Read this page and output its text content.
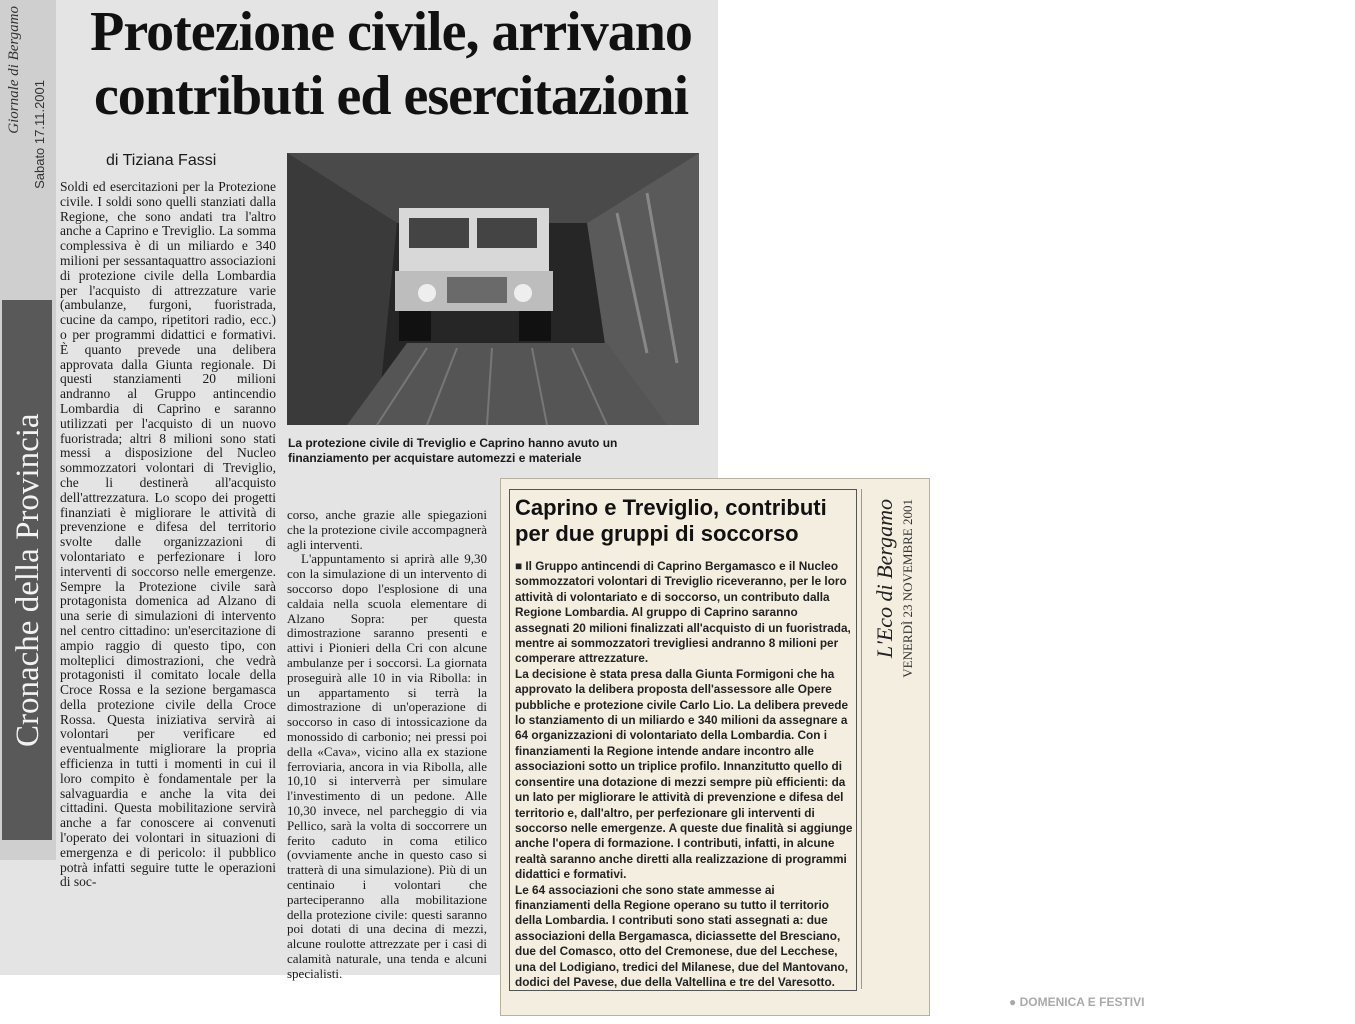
Giornale di Bergamo
Sabato 17.11.2001
Cronache della Provincia
Protezione civile, arrivano contributi ed esercitazioni
di Tiziana Fassi
La protezione civile di Treviglio e Caprino hanno avuto un finanziamento per acquistare automezzi e materiale

Soldi ed esercitazioni per la Protezione civile. I soldi sono quelli stanziati dalla Regione, che sono andati tra l'altro anche a Caprino e Treviglio. La somma complessiva è di un miliardo e 340 milioni per sessantaquattro associazioni di protezione civile della Lombardia per l'acquisto di attrezzature varie (ambulanze, furgoni, fuoristrada, cucine da campo, ripetitori radio, ecc.) o per programmi didattici e formativi. È quanto prevede una delibera approvata dalla Giunta regionale. Di questi stanziamenti 20 milioni andranno al Gruppo antincendio Lombardia di Caprino e saranno utilizzati per l'acquisto di un nuovo fuoristrada; altri 8 milioni sono stati messi a disposizione del Nucleo sommozzatori volontari di Treviglio, che li destinerà all'acquisto dell'attrezzatura. Lo scopo dei progetti finanziati è migliorare le attività di prevenzione e difesa del territorio svolte dalle organizzazioni di volontariato e perfezionare i loro interventi di soccorso nelle emergenze. Sempre la Protezione civile sarà protagonista domenica ad Alzano di una serie di simulazioni di intervento nel centro cittadino: un'esercitazione di ampio raggio di questo tipo, con molteplici dimostrazioni, che vedrà protagonisti il comitato locale della Croce Rossa e la sezione bergamasca della protezione civile della Croce Rossa. Questa iniziativa servirà ai volontari per verificare ed eventualmente migliorare la propria efficienza in tutti i momenti in cui il loro compito è fondamentale per la salvaguardia e anche la vita dei cittadini. Questa mobilitazione servirà anche a far conoscere ai convenuti l'operato dei volontari in situazioni di emergenza e di pericolo: il pubblico potrà infatti seguire tutte le operazioni di soc-

corso, anche grazie alle spiegazioni che la protezione civile accompagnerà agli interventi.

L'appuntamento si aprirà alle 9,30 con la simulazione di un intervento di soccorso dopo l'esplosione di una caldaia nella scuola elementare di Alzano Sopra: per questa dimostrazione saranno presenti e attivi i Pionieri della Cri con alcune ambulanze per i soccorsi. La giornata proseguirà alle 10 in via Ribolla: in un appartamento si terrà la dimostrazione di un'operazione di soccorso in caso di intossicazione da monossido di carbonio; nei pressi poi della «Cava», vicino alla ex stazione ferroviaria, ancora in via Ribolla, alle 10,10 si interverrà per simulare l'investimento di un pedone. Alle 10,30 invece, nel parcheggio di via Pellico, sarà la volta di soccorrere un ferito caduto in coma etilico (ovviamente anche in questo caso si tratterà di una simulazione). Più di un centinaio i volontari che parteciperanno alla mobilitazione della protezione civile: questi saranno poi dotati di una decina di mezzi, alcune roulotte attrezzate per i casi di calamità naturale, una tenda e alcuni specialisti.

Caprino e Treviglio, contributi per due gruppi di soccorso

■ Il Gruppo antincendi di Caprino Bergamasco e il Nucleo sommozzatori volontari di Treviglio riceveranno, per le loro attività di volontariato e di soccorso, un contributo dalla Regione Lombardia. Al gruppo di Caprino saranno assegnati 20 milioni finalizzati all'acquisto di un fuoristrada, mentre ai sommozzatori trevigliesi andranno 8 milioni per comperare attrezzature.

La decisione è stata presa dalla Giunta Formigoni che ha approvato la delibera proposta dell'assessore alle Opere pubbliche e protezione civile Carlo Lio. La delibera prevede lo stanziamento di un miliardo e 340 milioni da assegnare a 64 organizzazioni di volontariato della Lombardia. Con i finanziamenti la Regione intende andare incontro alle associazioni sotto un triplice profilo. Innanzitutto quello di consentire una dotazione di mezzi sempre più efficienti: da un lato per migliorare le attività di prevenzione e difesa del territorio e, dall'altro, per perfezionare gli interventi di soccorso nelle emergenze. A queste due finalità si aggiunge anche l'opera di formazione. I contributi, infatti, in alcune realtà saranno anche diretti alla realizzazione di programmi didattici e formativi.

Le 64 associazioni che sono state ammesse ai finanziamenti della Regione operano su tutto il territorio della Lombardia. I contributi sono stati assegnati a: due associazioni della Bergamasca, diciassette del Bresciano, due del Comasco, otto del Cremonese, due del Lecchese, una del Lodigiano, tredici del Milanese, due del Mantovano, dodici del Pavese, due della Valtellina e tre del Varesotto.

L'Eco di Bergamo VENERDÌ 23 NOVEMBRE 2001
● DOMENICA E FESTIVI
